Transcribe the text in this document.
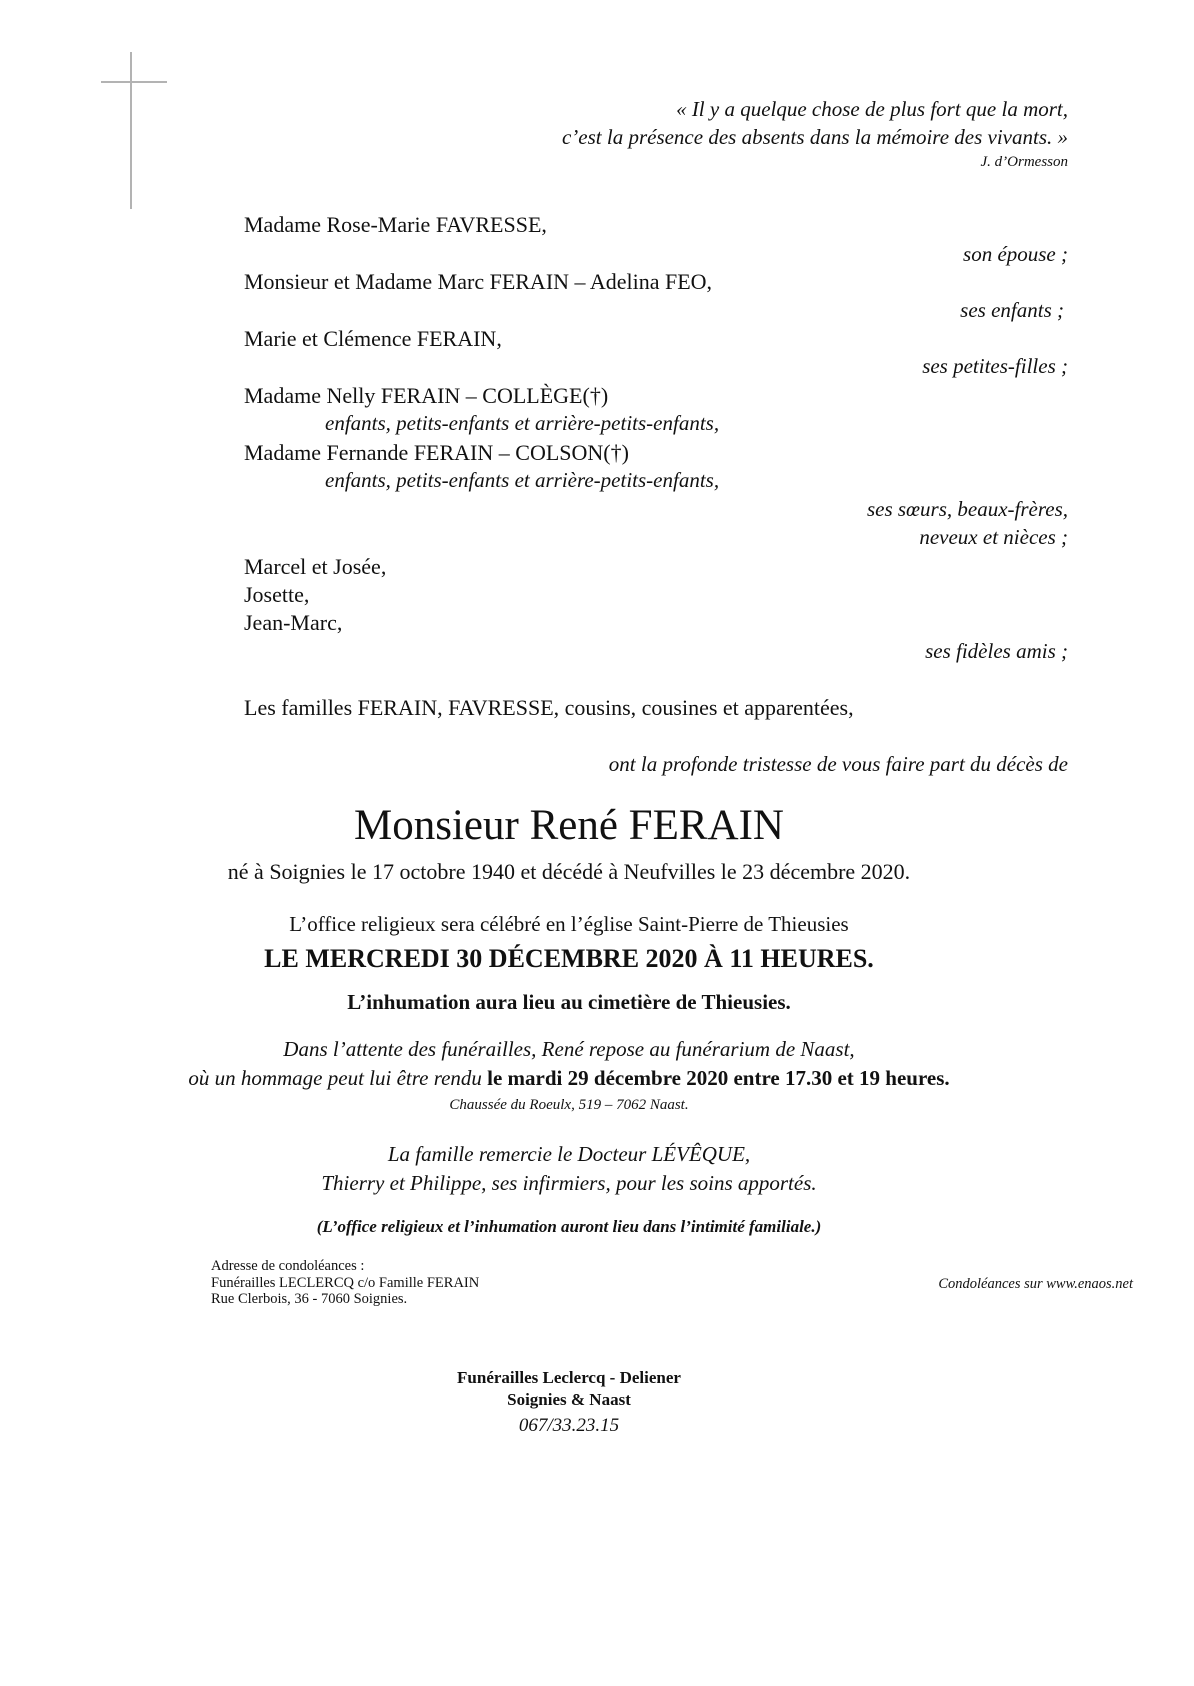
« Il y a quelque chose de plus fort que la mort,
c’est la présence des absents dans la mémoire des vivants. »
J. d’Ormesson
Madame Rose-Marie FAVRESSE,
son épouse ;
Monsieur et Madame Marc FERAIN – Adelina FEO,
ses enfants ;
Marie et Clémence FERAIN,
ses petites-filles ;
Madame Nelly FERAIN – COLLÈGE(†)
enfants, petits-enfants et arrière-petits-enfants,
Madame Fernande FERAIN – COLSON(†)
enfants, petits-enfants et arrière-petits-enfants,
ses sœurs, beaux-frères,
neveux et nièces ;
Marcel et Josée,
Josette,
Jean-Marc,
ses fidèles amis ;
Les familles FERAIN, FAVRESSE, cousins, cousines et apparentées,
ont la profonde tristesse de vous faire part du décès de
Monsieur René FERAIN
né à Soignies le 17 octobre 1940 et décédé à Neufvilles le 23 décembre 2020.
L’office religieux sera célébré en l’église Saint-Pierre de Thieusies
LE MERCREDI 30 DÉCEMBRE 2020 À 11 HEURES.
L’inhumation aura lieu au cimetière de Thieusies.
Dans l’attente des funérailles, René repose au funérarium de Naast,
où un hommage peut lui être rendu le mardi 29 décembre 2020 entre 17.30 et 19 heures.
Chaussée du Roeulx, 519 – 7062 Naast.
La famille remercie le Docteur LÉVÊQUE,
Thierry et Philippe, ses infirmiers, pour les soins apportés.
(L’office religieux et l’inhumation auront lieu dans l’intimité familiale.)
Adresse de condoléances :
Funérailles LECLERCQ c/o Famille FERAIN
Rue Clerbois, 36 - 7060 Soignies.
Condoléances sur www.enaos.net
Funérailles Leclercq - Deliener
Soignies & Naast
067/33.23.15
